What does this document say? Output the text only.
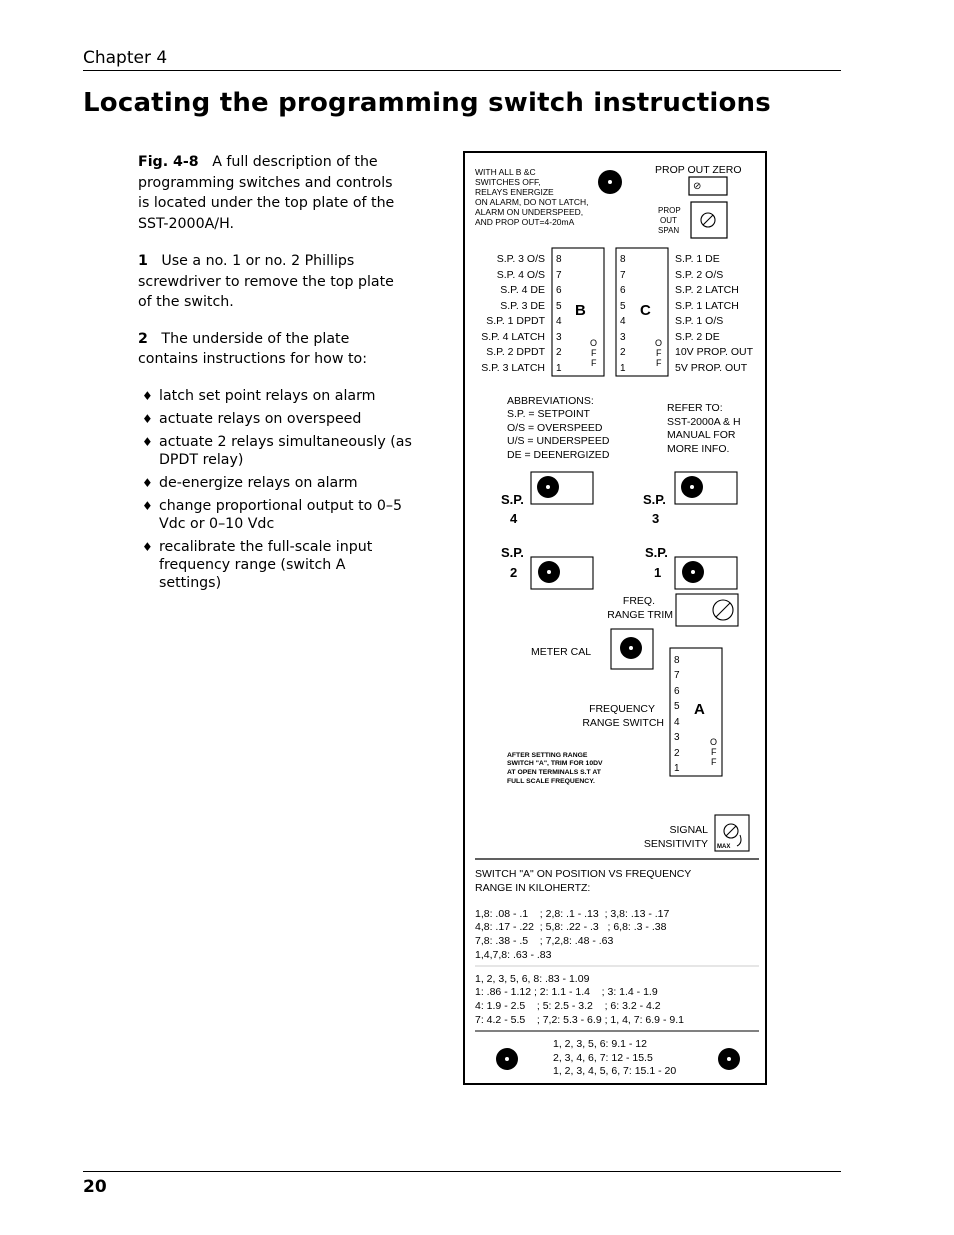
Chapter 4
Locating the programming switch instructions
Fig. 4-8 A full description of the programming switches and controls is located under the top plate of the SST-2000A/H.
1 Use a no. 1 or no. 2 Phillips screwdriver to remove the top plate of the switch.
2 The underside of the plate contains instructions for how to:
♦ latch set point relays on alarm
♦ actuate relays on overspeed
♦ actuate 2 relays simultaneously (as DPDT relay)
♦ de-energize relays on alarm
♦ change proportional output to 0–5 Vdc or 0–10 Vdc
♦ recalibrate the full-scale input frequency range (switch A settings)
WITH ALL B &C
SWITCHES OFF,
RELAYS ENERGIZE
ON ALARM, DO NOT LATCH,
ALARM ON UNDERSPEED,
AND PROP OUT=4-20mA
PROP OUT ZERO
⊘
PROP
OUT
SPAN
S.P. 3 O/S
S.P. 4 O/S
S.P. 4 DE
S.P. 3 DE
S.P. 1 DPDT
S.P. 4 LATCH
S.P. 2 DPDT
S.P. 3 LATCH
8
7
6
5
4
3
2
1
B
O
F
F
8
7
6
5
4
3
2
1
C
O
F
F
S.P. 1 DE
S.P. 2 O/S
S.P. 2 LATCH
S.P. 1 LATCH
S.P. 1 O/S
S.P. 2 DE
10V PROP. OUT
5V PROP. OUT
ABBREVIATIONS:
S.P. = SETPOINT
O/S = OVERSPEED
U/S = UNDERSPEED
DE = DEENERGIZED
REFER TO:
SST-2000A & H
MANUAL FOR
MORE INFO.
S.P.
4
S.P.
3
S.P.
2
S.P.
1
FREQ.
RANGE TRIM
METER CAL
FREQUENCY
RANGE SWITCH
8
7
6
5
4
3
2
1
A
O
F
F
AFTER SETTING RANGE
SWITCH "A", TRIM FOR 10DV
AT OPEN TERMINALS S.T AT
FULL SCALE FREQUENCY.
SIGNAL
SENSITIVITY MAX
SWITCH "A" ON POSITION VS FREQUENCY
RANGE IN KILOHERTZ:
1,8: .08 - .1    ; 2,8: .1 - .13  ; 3,8: .13 - .17
4,8: .17 - .22  ; 5,8: .22 - .3   ; 6,8: .3 - .38
7,8: .38 - .5    ; 7,2,8: .48 - .63
1,4,7,8: .63 - .83
1, 2, 3, 5, 6, 8: .83 - 1.09
1: .86 - 1.12 ; 2: 1.1 - 1.4    ; 3: 1.4 - 1.9
4: 1.9 - 2.5    ; 5: 2.5 - 3.2    ; 6: 3.2 - 4.2
7: 4.2 - 5.5    ; 7,2: 5.3 - 6.9 ; 1, 4, 7: 6.9 - 9.1
1, 2, 3, 5, 6: 9.1 - 12
2, 3, 4, 6, 7: 12 - 15.5
1, 2, 3, 4, 5, 6, 7: 15.1 - 20
20
